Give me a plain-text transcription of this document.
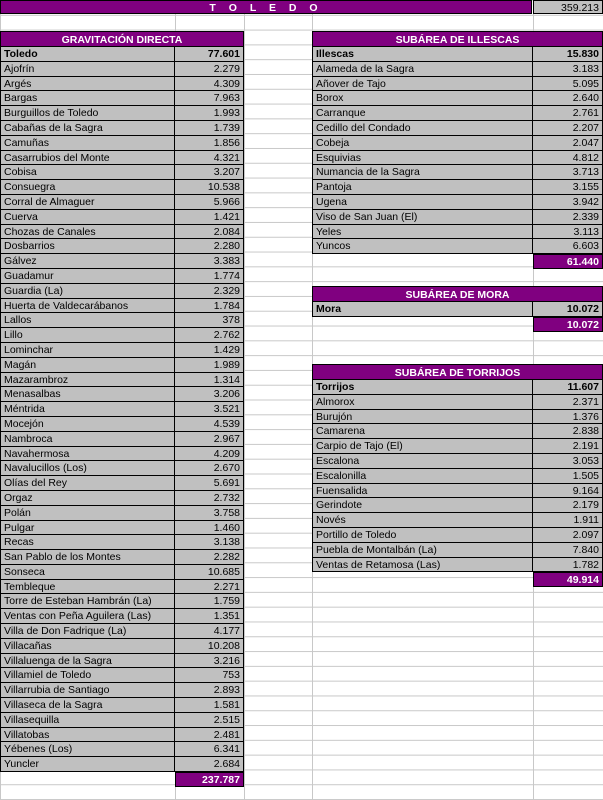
T O L E D O	359.213
GRAVITACIÓN DIRECTA
Toledo	77.601
Ajofrín	2.279
Argés	4.309
Bargas	7.963
Burguillos de Toledo	1.993
Cabañas de la Sagra	1.739
Camuñas	1.856
Casarrubios del Monte	4.321
Cobisa	3.207
Consuegra	10.538
Corral de Almaguer	5.966
Cuerva	1.421
Chozas de Canales	2.084
Dosbarrios	2.280
Gálvez	3.383
Guadamur	1.774
Guardia (La)	2.329
Huerta de Valdecarábanos	1.784
Lallos	378
Lillo	2.762
Lominchar	1.429
Magán	1.989
Mazarambroz	1.314
Menasalbas	3.206
Méntrida	3.521
Mocejón	4.539
Nambroca	2.967
Navahermosa	4.209
Navalucillos (Los)	2.670
Olías del Rey	5.691
Orgaz	2.732
Polán	3.758
Pulgar	1.460
Recas	3.138
San Pablo de los Montes	2.282
Sonseca	10.685
Tembleque	2.271
Torre de Esteban Hambrán (La)	1.759
Ventas con Peña Aguilera (Las)	1.351
Villa de Don Fadrique (La)	4.177
Villacañas	10.208
Villaluenga de la Sagra	3.216
Villamiel de Toledo	753
Villarrubia de Santiago	2.893
Villaseca de la Sagra	1.581
Villasequilla	2.515
Villatobas	2.481
Yébenes (Los)	6.341
Yuncler	2.684
237.787
SUBÁREA DE ILLESCAS
Illescas	15.830
Alameda de la Sagra	3.183
Añover de Tajo	5.095
Borox	2.640
Carranque	2.761
Cedillo del Condado	2.207
Cobeja	2.047
Esquivias	4.812
Numancia de la Sagra	3.713
Pantoja	3.155
Ugena	3.942
Viso de San Juan (El)	2.339
Yeles	3.113
Yuncos	6.603
61.440
SUBÁREA DE MORA
Mora	10.072
10.072
SUBÁREA DE TORRIJOS
Torrijos	11.607
Almorox	2.371
Burujón	1.376
Camarena	2.838
Carpio de Tajo (El)	2.191
Escalona	3.053
Escalonilla	1.505
Fuensalida	9.164
Gerindote	2.179
Novés	1.911
Portillo de Toledo	2.097
Puebla de Montalbán (La)	7.840
Ventas de Retamosa (Las)	1.782
49.914
